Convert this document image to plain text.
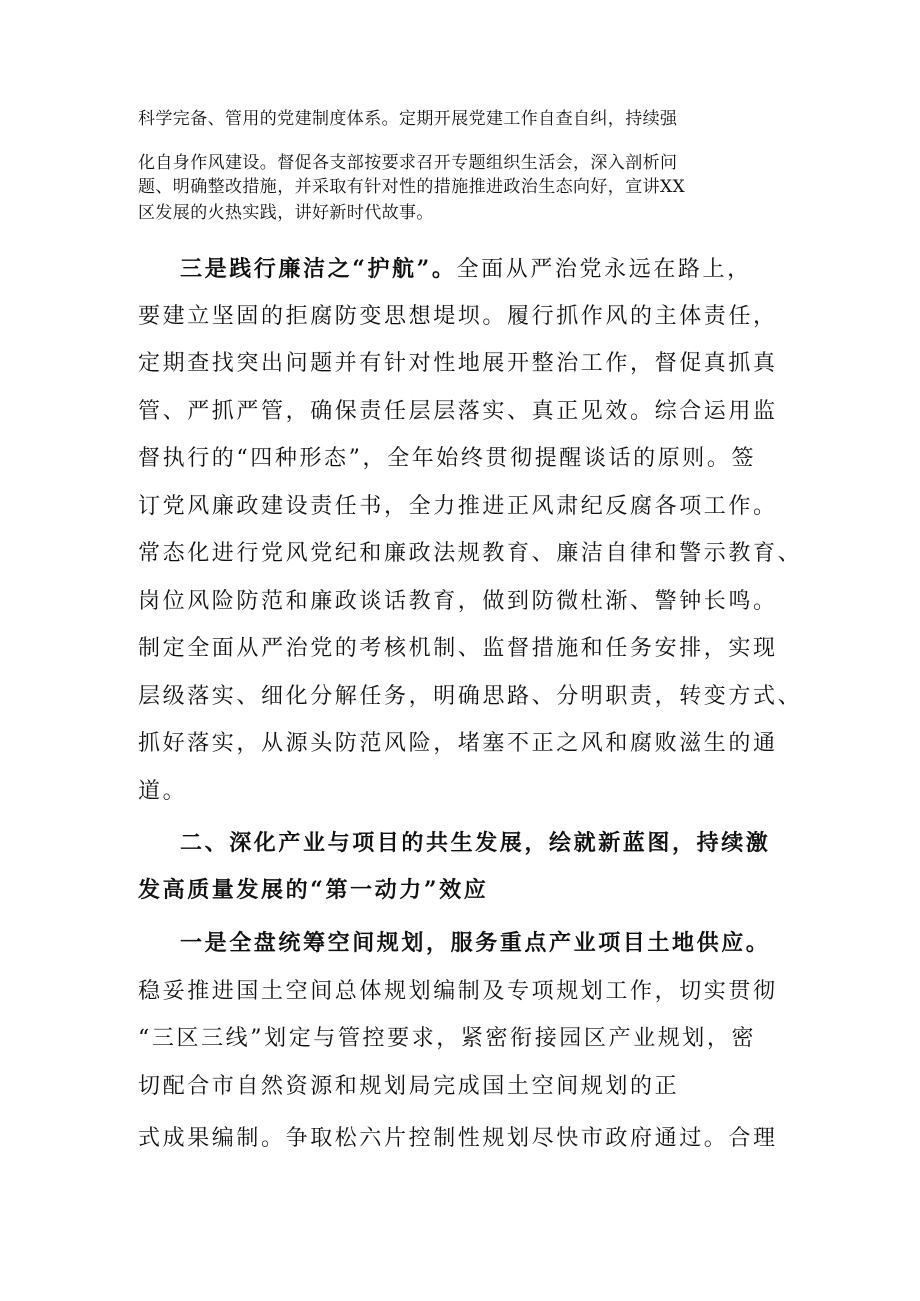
科学完备、管用的党建制度体系。定期开展党建工作自查自纠，持续强
化自身作风建设。督促各支部按要求召开专题组织生活会，深入剖析问
题、明确整改措施，并采取有针对性的措施推进政治生态向好，宣讲XX
区发展的火热实践，讲好新时代故事。
三是践行廉洁之“护航”。全面从严治党永远在路上，
要建立坚固的拒腐防变思想堤坝。履行抓作风的主体责任，
定期查找突出问题并有针对性地展开整治工作，督促真抓真
管、严抓严管，确保责任层层落实、真正见效。综合运用监
督执行的“四种形态”，全年始终贯彻提醒谈话的原则。签
订党风廉政建设责任书，全力推进正风肃纪反腐各项工作。
常态化进行党风党纪和廉政法规教育、廉洁自律和警示教育、
岗位风险防范和廉政谈话教育，做到防微杜渐、警钟长鸣。
制定全面从严治党的考核机制、监督措施和任务安排，实现
层级落实、细化分解任务，明确思路、分明职责，转变方式、
抓好落实，从源头防范风险，堵塞不正之风和腐败滋生的通
道。
二、深化产业与项目的共生发展，绘就新蓝图，持续激
发高质量发展的“第一动力”效应
一是全盘统筹空间规划，服务重点产业项目土地供应。
稳妥推进国土空间总体规划编制及专项规划工作，切实贯彻
“三区三线”划定与管控要求，紧密衔接园区产业规划，密
切配合市自然资源和规划局完成国土空间规划的正
式成果编制。争取松六片控制性规划尽快市政府通过。合理
